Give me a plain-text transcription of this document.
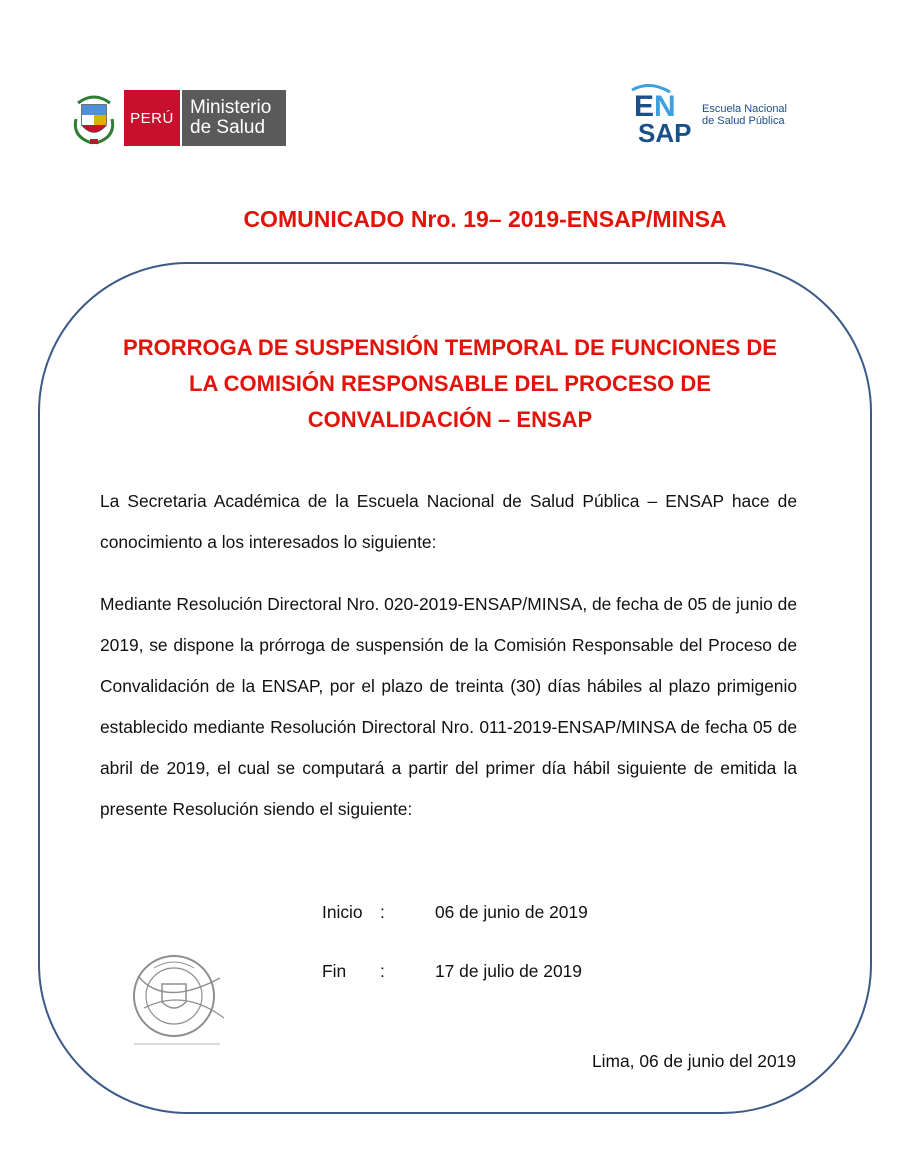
PERÚ Ministerio
de Salud
E N
SAP
Escuela Nacional
de Salud Pública
COMUNICADO Nro. 19– 2019-ENSAP/MINSA
PRORROGA DE SUSPENSIÓN TEMPORAL DE FUNCIONES DE
LA COMISIÓN RESPONSABLE DEL PROCESO DE
CONVALIDACIÓN – ENSAP
La Secretaria Académica de la Escuela Nacional de Salud Pública – ENSAP hace de conocimiento a los interesados lo siguiente:
Mediante Resolución Directoral Nro. 020-2019-ENSAP/MINSA, de fecha de 05 de junio de 2019, se dispone la prórroga de suspensión de la Comisión Responsable del Proceso de Convalidación de la ENSAP, por el plazo de treinta (30) días hábiles al plazo primigenio establecido mediante Resolución Directoral Nro. 011-2019-ENSAP/MINSA de fecha 05 de abril de 2019, el cual se computará a partir del primer día hábil siguiente de emitida la presente Resolución siendo el siguiente:
Inicio :	06 de junio de 2019
Fin :	17 de julio de 2019
Lima, 06 de junio del 2019
